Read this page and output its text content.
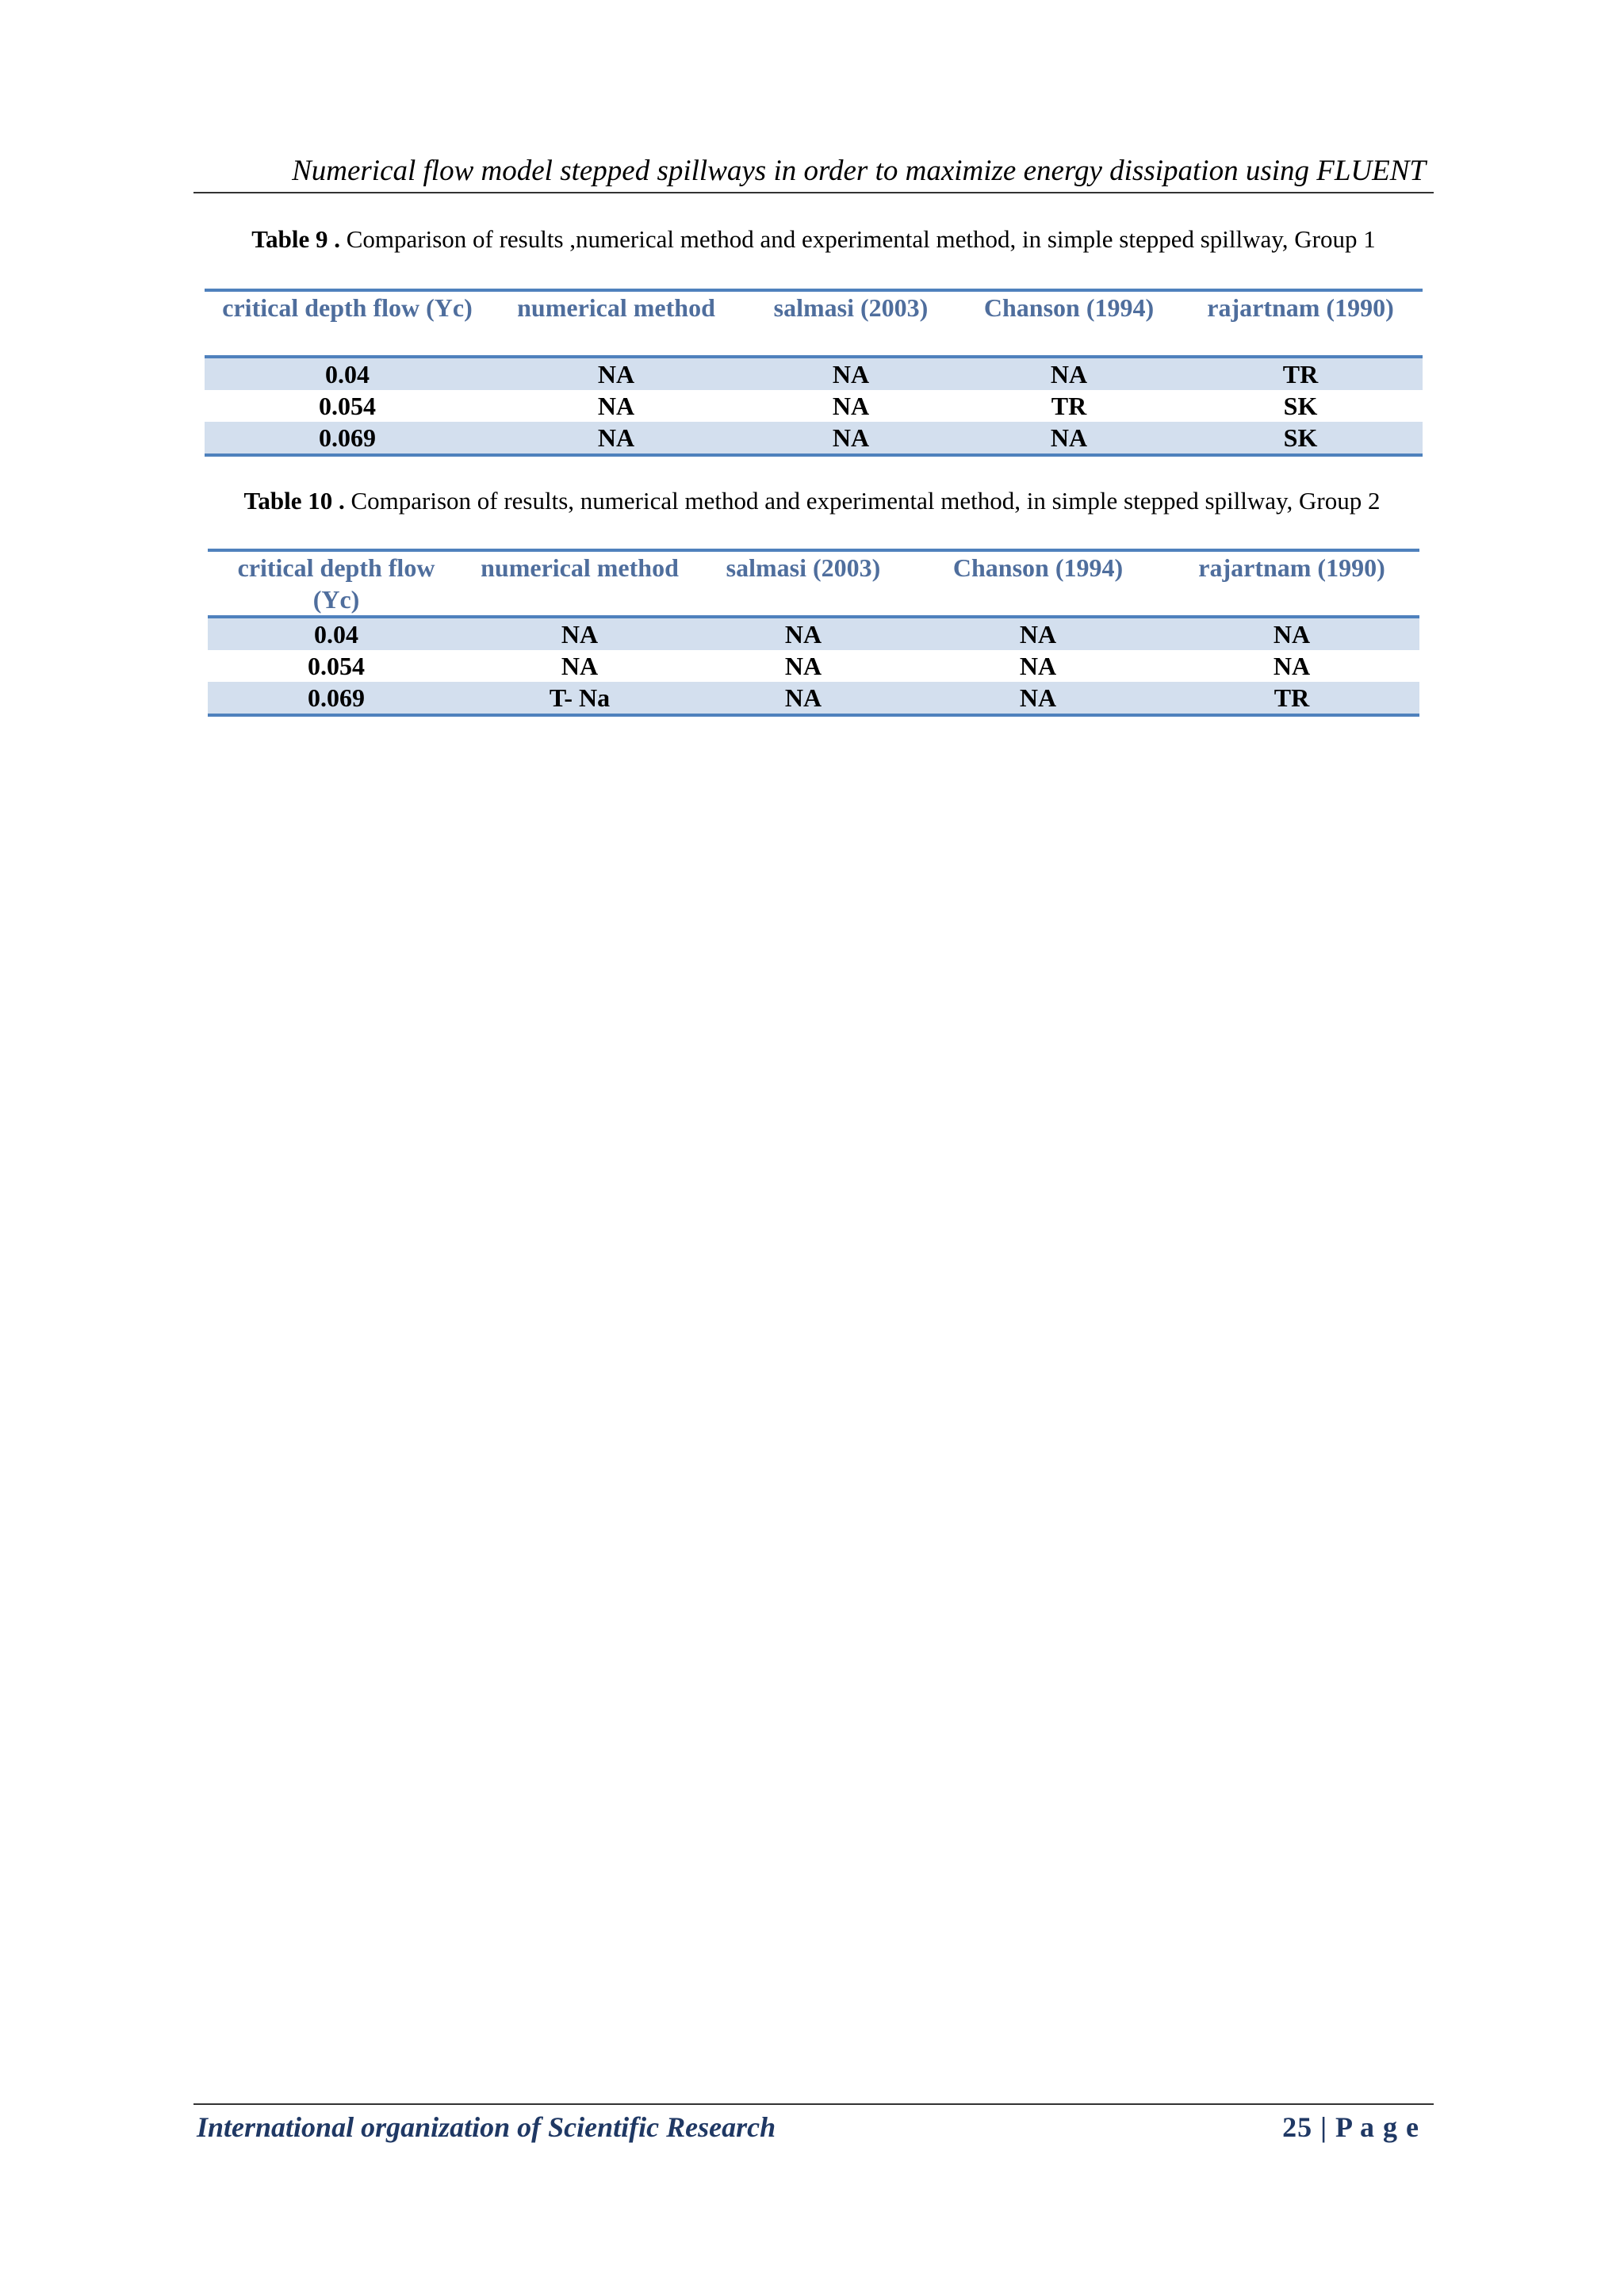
Numerical flow model stepped spillways in order to maximize energy dissipation using FLUENT
Table 9 . Comparison of results ,numerical method and experimental method, in simple stepped spillway, Group 1
critical depth flow (Yc)	numerical method	salmasi (2003)	Chanson (1994)	rajartnam (1990)
0.04	NA	NA	NA	TR
0.054	NA	NA	TR	SK
0.069	NA	NA	NA	SK
Table 10 . Comparison of results, numerical method and experimental method, in simple stepped spillway, Group 2
critical depth flow (Yc)	numerical method	salmasi (2003)	Chanson (1994)	rajartnam (1990)
0.04	NA	NA	NA	NA
0.054	NA	NA	NA	NA
0.069	T- Na	NA	NA	TR
International organization of Scientific Research	25 | P a g e
